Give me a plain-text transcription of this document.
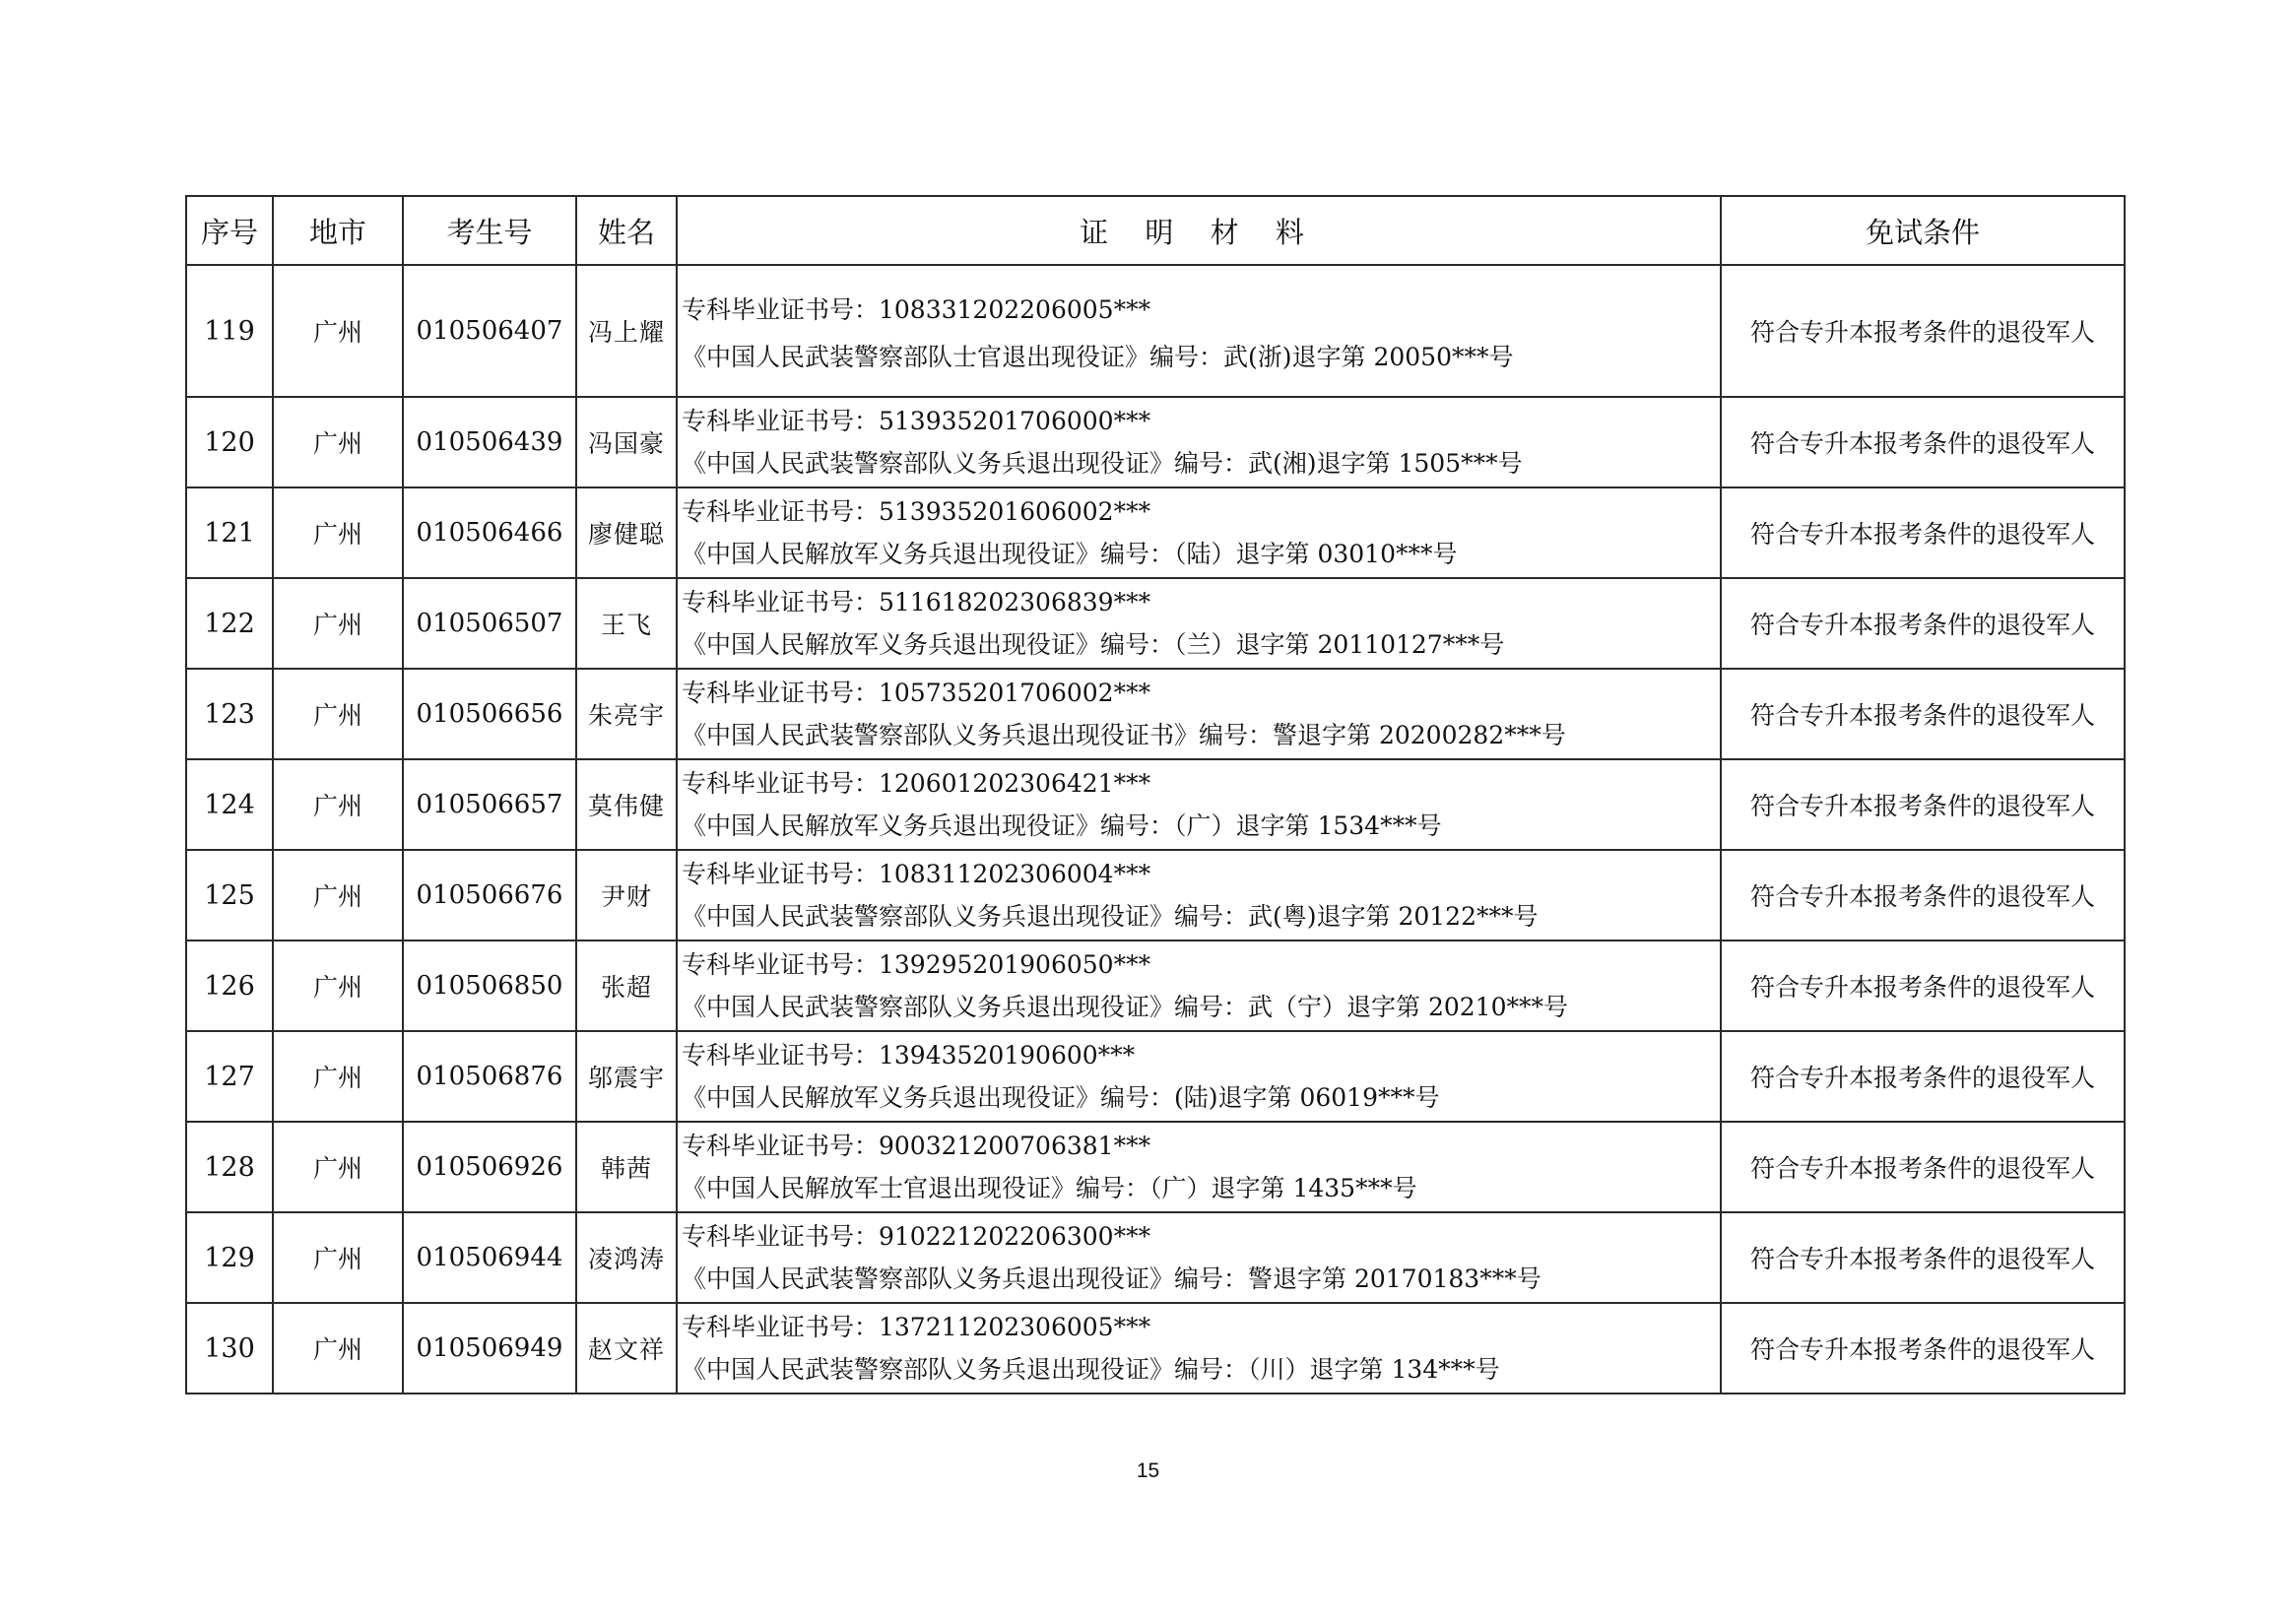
序号	地市	考生号	姓名	证 明 材 料	免试条件
119	广州	010506407	冯上耀	专科毕业证书号：108331202206005***
《中国人民武装警察部队士官退出现役证》编号：武(浙)退字第 20050***号	符合专升本报考条件的退役军人
120	广州	010506439	冯国豪	专科毕业证书号：513935201706000***
《中国人民武装警察部队义务兵退出现役证》编号：武(湘)退字第 1505***号	符合专升本报考条件的退役军人
121	广州	010506466	廖健聪	专科毕业证书号：513935201606002***
《中国人民解放军义务兵退出现役证》编号：（陆）退字第 03010***号	符合专升本报考条件的退役军人
122	广州	010506507	王飞	专科毕业证书号：511618202306839***
《中国人民解放军义务兵退出现役证》编号：（兰）退字第 20110127***号	符合专升本报考条件的退役军人
123	广州	010506656	朱亮宇	专科毕业证书号：105735201706002***
《中国人民武装警察部队义务兵退出现役证书》编号：警退字第 20200282***号	符合专升本报考条件的退役军人
124	广州	010506657	莫伟健	专科毕业证书号：120601202306421***
《中国人民解放军义务兵退出现役证》编号：（广）退字第 1534***号	符合专升本报考条件的退役军人
125	广州	010506676	尹财	专科毕业证书号：108311202306004***
《中国人民武装警察部队义务兵退出现役证》编号：武(粤)退字第 20122***号	符合专升本报考条件的退役军人
126	广州	010506850	张超	专科毕业证书号：139295201906050***
《中国人民武装警察部队义务兵退出现役证》编号：武（宁）退字第 20210***号	符合专升本报考条件的退役军人
127	广州	010506876	邬震宇	专科毕业证书号：13943520190600***
《中国人民解放军义务兵退出现役证》编号：(陆)退字第 06019***号	符合专升本报考条件的退役军人
128	广州	010506926	韩茜	专科毕业证书号：900321200706381***
《中国人民解放军士官退出现役证》编号：（广）退字第 1435***号	符合专升本报考条件的退役军人
129	广州	010506944	凌鸿涛	专科毕业证书号：910221202206300***
《中国人民武装警察部队义务兵退出现役证》编号：警退字第 20170183***号	符合专升本报考条件的退役军人
130	广州	010506949	赵文祥	专科毕业证书号：137211202306005***
《中国人民武装警察部队义务兵退出现役证》编号：（川）退字第 134***号	符合专升本报考条件的退役军人
15
